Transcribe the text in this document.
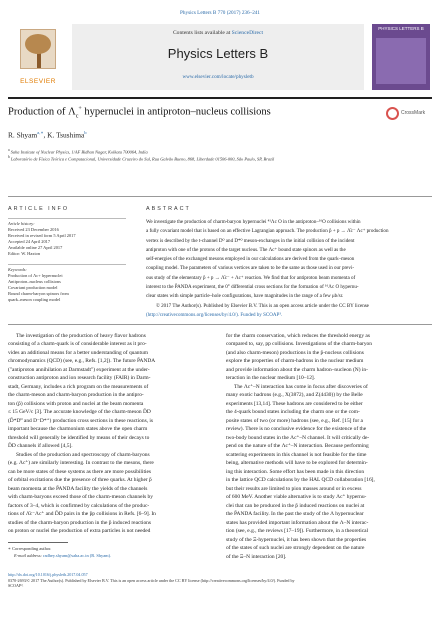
Physics Letters B 770 (2017) 236–241
ELSEVIER
Contents lists available at ScienceDirect
Physics Letters B
www.elsevier.com/locate/physletb
PHYSICS LETTERS B
Production of $\Lambda_c^+$ hypernuclei in antiproton–nucleus collisions	CrossMark
R. Shyam$^{a,∗}$, K. Tsushima$^b$
$^a$ Saha Institute of Nuclear Physics, 1/AF Bidhan Nagar, Kolkata 700064, India
$^b$ Laboratório de Física Teórica e Computacional, Universidade Cruzeiro do Sul, Rua Galvão Bueno, 868, Liberdade 01506-000, São Paulo, SP, Brazil
ARTICLE INFO	ABSTRACT
Article history:
Received 23 December 2016
Received in revised form 5 April 2017
Accepted 24 April 2017
Available online 27 April 2017
Editor: W. Haxton
Keywords:
Production of Λc+ hypernuclei
Antiproton–nucleus collisions
Covariant production model
Bound charm-baryon spinors from
quark–meson coupling model
We investigate the production of charm-baryon hypernuclei ⁴¹Λc O in the antiproton–¹⁶O collisions within
a fully covariant model that is based on an effective Lagrangian approach. The production p̄ + p → Λ̄c⁻ Λc⁺ production
vertex is described by the t-channel D⁰ and D*⁰ meson-exchanges in the initial collision of the incident
antiproton with one of the protons of the target nucleus. The Λc⁺ bound state spinors as well as the
self-energies of the exchanged mesons employed in our calculations are derived from the quark–meson
coupling model. The parameters of various vertices are taken to be the same as those used in our previ-
ous study of the elementary p̄ + p → Λ̄c⁻ + Λc⁺ reaction. We find that for antiproton beam momenta of
interest to the P̄ANDA experiment, the 0° differential cross sections for the formation of ¹⁶Λc O hypernu-
clear states with simple particle–hole configurations, have magnitudes in the range of a few μb/sr.
© 2017 The Author(s). Published by Elsevier B.V. This is an open access article under the CC BY license
(http://creativecommons.org/licenses/by/4.0/). Funded by SCOAP³.
The investigation of the production of heavy flavor hadrons
consisting of a charm-quark is of considerable interest as it pro-
vides an additional means for a better understanding of quantum
chromodynamics (QCD) (see, e.g., Refs. [1,2]). The future P̄ANDA
("antiproton annihilation at Darmstadt") experiment at the under-
construction antiproton and ion research facility (FAIR) in Darm-
stadt, Germany, includes a rich program on the measurements of
the charm-meson and charm-baryon production in the antipro-
ton (p̄) collisions with proton and nuclei at the beam momenta
≤ 15 GeV/c [3]. The accurate knowledge of the charm-meson D̄D
(D̄*D⁰ and D⁻D*⁺) production cross sections in these reactions, is
important because the charmonium states above the open charm
threshold will generally be identified by means of their decays to
D̄D channels if allowed [4,5].
Studies of the production and spectroscopy of charm-baryons
(e.g. Λc⁺) are similarly interesting. In contrast to the mesons, there
can be more states of these systems as there are more possibilities
of orbital excitations due the presence of three quarks. At higher p̄
beam momenta at the P̄ANDA facility the yields of the channels
with charm-baryons exceed those of the charm-meson channels by
factors of 3–4, which is confirmed by calculations of the produc-
tions of Λ̄c⁻Λc⁺ and D̄D pairs in the p̄p collisions in Refs. [6–9]. In
studies of the charm-baryon production in the p̄ induced reactions
on proton or nuclei the production of extra particles is not needed
for the charm conservation, which reduces the threshold energy as
compared to, say, pp collisions. Investigations of the charm-baryon
(and also charm-meson) productions in the p̄-nucleus collisions
explore the properties of charm-hadrons in the nuclear medium
and provide information about the charm hadron–nucleon (N) in-
teraction in the nuclear medium [10–12].
The Λc⁺–N interaction has come in focus after discoveries of
many exotic hadrons (e.g., X(3872), and Z(4430)) by the Belle
experiments [13,14]. These hadrons are considered to be either
the 4-quark bound states including the charm one or the com-
posite states of two (or more) hadrons (see, e.g., Ref. [15] for a
review). There is no conclusive evidence for the existence of the
two-body bound states in the Λc⁺–N channel. It will critically de-
pend on the nature of the Λc⁺–N interaction. Because performing
scattering experiments in this channel is not feasible for the time
being, alternative methods will have to be explored for determin-
ing this interaction. Some effort has been made in this direction
in the lattice QCD calculations by the HAL QCD collaboration [16],
but their results are limited to pion masses around or in excess
of 600 MeV. Another viable alternative is to study Λc⁺ hypernu-
clei that can be produced in the p̄ induced reactions on nuclei at
the P̄ANDA facility. In the past the study of the Λ hypernuclear
states has provided important information about the Λ–N interac-
tion (see, e.g., the reviews [17–19]). Furthermore, in a theoretical
study of the Ξ-hypernuclei, it has been shown that the properties
of the states of such nuclei are strongly dependent on the nature
of the Ξ–N interaction [20].
∗ Corresponding author.
E-mail address: radhey.shyam@saha.ac.in (R. Shyam).
http://dx.doi.org/10.1016/j.physletb.2017.04.057
0370-2693/© 2017 The Author(s). Published by Elsevier B.V. This is an open access article under the CC BY license (http://creativecommons.org/licenses/by/4.0/). Funded by
SCOAP³.
